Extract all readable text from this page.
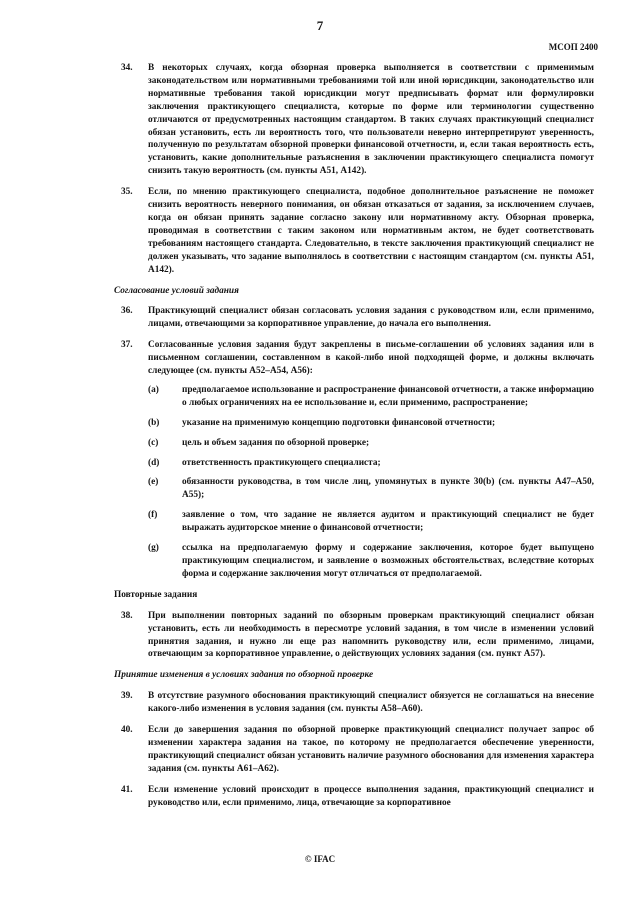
7
МСОП 2400
34. В некоторых случаях, когда обзорная проверка выполняется в соответствии с применимым законодательством или нормативными требованиями той или иной юрисдикции, законодательство или нормативные требования такой юрисдикции могут предписывать формат или формулировки заключения практикующего специалиста, которые по форме или терминологии существенно отличаются от предусмотренных настоящим стандартом. В таких случаях практикующий специалист обязан установить, есть ли вероятность того, что пользователи неверно интерпретируют уверенность, полученную по результатам обзорной проверки финансовой отчетности, и, если такая вероятность есть, установить, какие дополнительные разъяснения в заключении практикующего специалиста помогут снизить такую вероятность (см. пункты А51, А142).
35. Если, по мнению практикующего специалиста, подобное дополнительное разъяснение не поможет снизить вероятность неверного понимания, он обязан отказаться от задания, за исключением случаев, когда он обязан принять задание согласно закону или нормативному акту. Обзорная проверка, проводимая в соответствии с таким законом или нормативным актом, не будет соответствовать требованиям настоящего стандарта. Следовательно, в тексте заключения практикующий специалист не должен указывать, что задание выполнялось в соответствии с настоящим стандартом (см. пункты А51, А142).
Согласование условий задания
36. Практикующий специалист обязан согласовать условия задания с руководством или, если применимо, лицами, отвечающими за корпоративное управление, до начала его выполнения.
37. Согласованные условия задания будут закреплены в письме-соглашении об условиях задания или в письменном соглашении, составленном в какой-либо иной подходящей форме, и должны включать следующее (см. пункты А52–А54, А56):
(a) предполагаемое использование и распространение финансовой отчетности, а также информацию о любых ограничениях на ее использование и, если применимо, распространение;
(b) указание на применимую концепцию подготовки финансовой отчетности;
(c)	цель и объем задания по обзорной проверке;
(d) ответственность практикующего специалиста;
(e)	обязанности руководства, в том числе лиц, упомянутых в пункте 30(b) (см. пункты А47–А50, А55);
(f)	заявление о том, что задание не является аудитом и практикующий специалист не будет выражать аудиторское мнение о финансовой отчетности;
(g) ссылка на предполагаемую форму и содержание заключения, которое будет выпущено практикующим специалистом, и заявление о возможных обстоятельствах, вследствие которых форма и содержание заключения могут отличаться от предполагаемой.
Повторные задания
38. При выполнении повторных заданий по обзорным проверкам практикующий специалист обязан установить, есть ли необходимость в пересмотре условий задания, в том числе в изменении условий принятия задания, и нужно ли еще раз напомнить руководству или, если применимо, лицами, отвечающим за корпоративное управление, о действующих условиях задания (см. пункт А57).
Принятие изменения в условиях задания по обзорной проверке
39. В отсутствие разумного обоснования практикующий специалист обязуется не соглашаться на внесение какого-либо изменения в условия задания (см. пункты А58–А60).
40. Если до завершения задания по обзорной проверке практикующий специалист получает запрос об изменении характера задания на такое, по которому не предполагается обеспечение уверенности, практикующий специалист обязан установить наличие разумного обоснования для изменения характера задания (см. пункты А61–А62).
41. Если изменение условий происходит в процессе выполнения задания, практикующий специалист и руководство или, если применимо, лица, отвечающие за корпоративное
© IFAC
